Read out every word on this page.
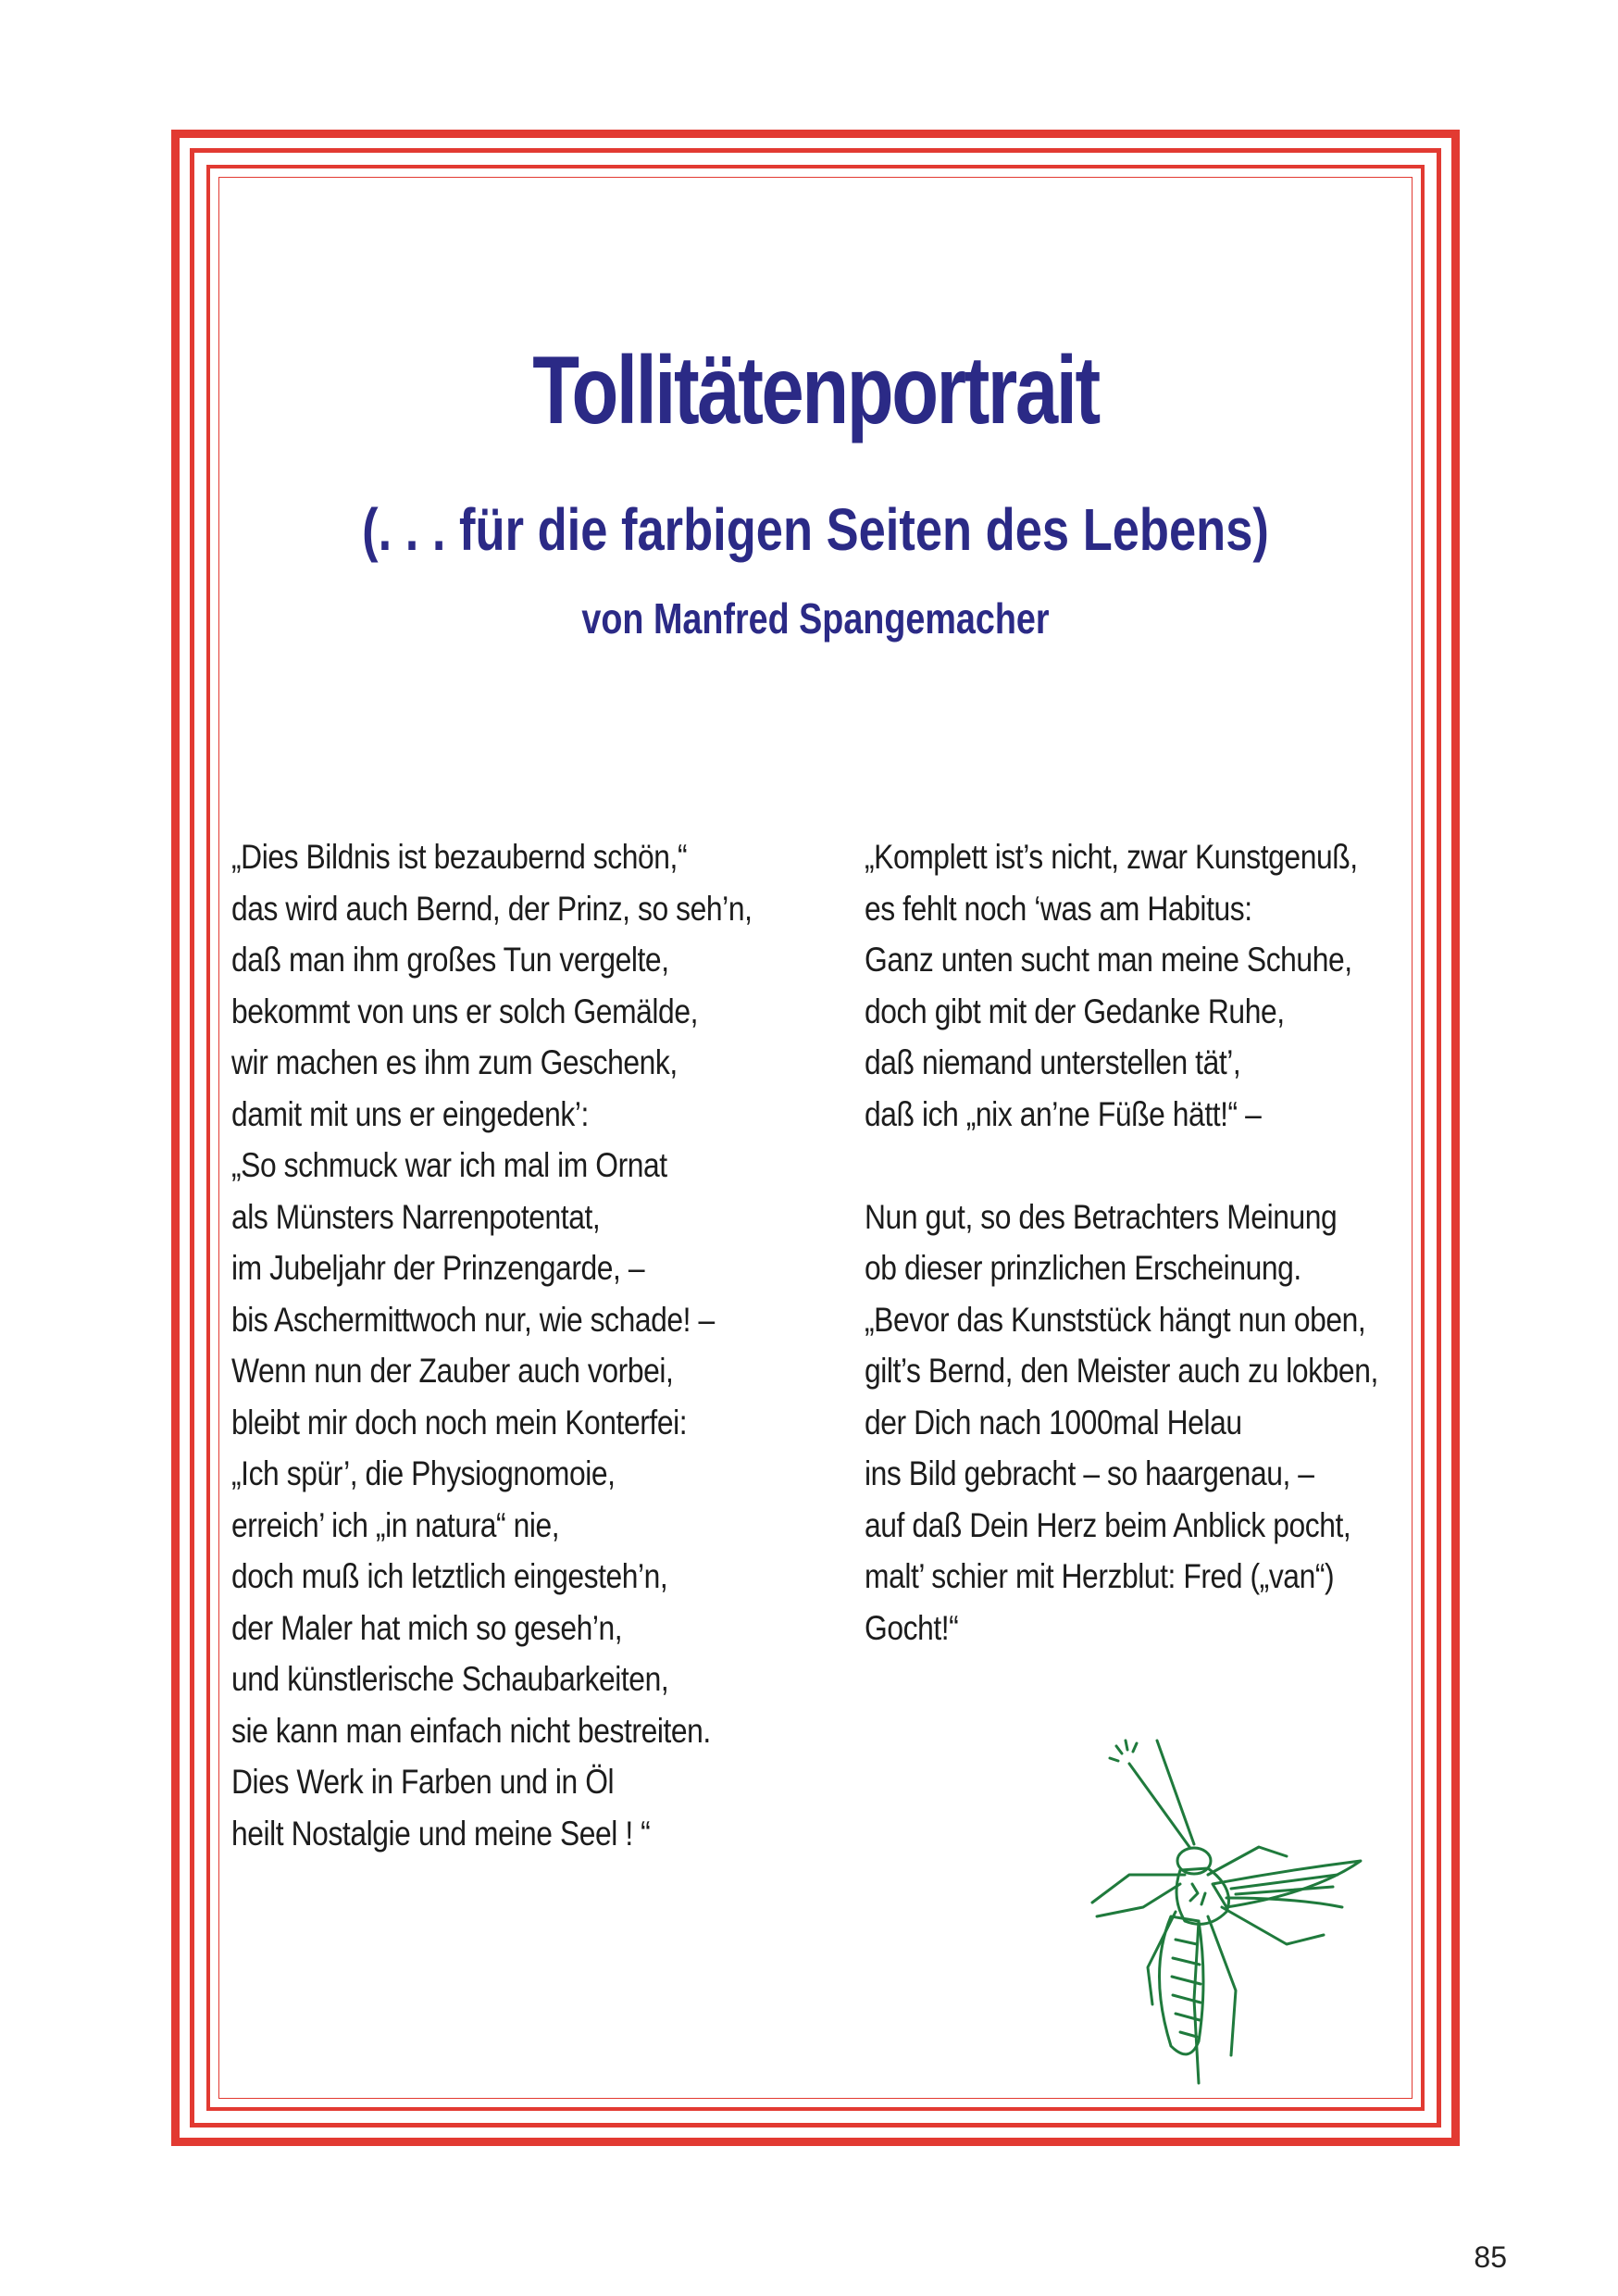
Tollitätenportrait
(. . . für die farbigen Seiten des Lebens)
von Manfred Spangemacher
„Dies Bildnis ist bezaubernd schön,“
das wird auch Bernd, der Prinz, so seh’n,
daß man ihm großes Tun vergelte,
bekommt von uns er solch Gemälde,
wir machen es ihm zum Geschenk,
damit mit uns er eingedenk’:
„So schmuck war ich mal im Ornat
als Münsters Narrenpotentat,
im Jubeljahr der Prinzengarde, –
bis Aschermittwoch nur, wie schade! –
Wenn nun der Zauber auch vorbei,
bleibt mir doch noch mein Konterfei:
„Ich spür’, die Physiognomoie,
erreich’ ich „in natura“ nie,
doch muß ich letztlich eingesteh’n,
der Maler hat mich so geseh’n,
und künstlerische Schaubarkeiten,
sie kann man einfach nicht bestreiten.
Dies Werk in Farben und in Öl
heilt Nostalgie und meine Seel ! “
„Komplett ist’s nicht, zwar Kunstgenuß,
es fehlt noch ‘was am Habitus:
Ganz unten sucht man meine Schuhe,
doch gibt mit der Gedanke Ruhe,
daß niemand unterstellen tät’,
daß ich „nix an’ne Füße hätt!“ –
Nun gut, so des Betrachters Meinung
ob dieser prinzlichen Erscheinung.
„Bevor das Kunststück hängt nun oben,
gilt’s Bernd, den Meister auch zu lokben,
der Dich nach 1000mal Helau
ins Bild gebracht – so haargenau, –
auf daß Dein Herz beim Anblick pocht,
malt’ schier mit Herzblut: Fred („van“)
Gocht!“

85
